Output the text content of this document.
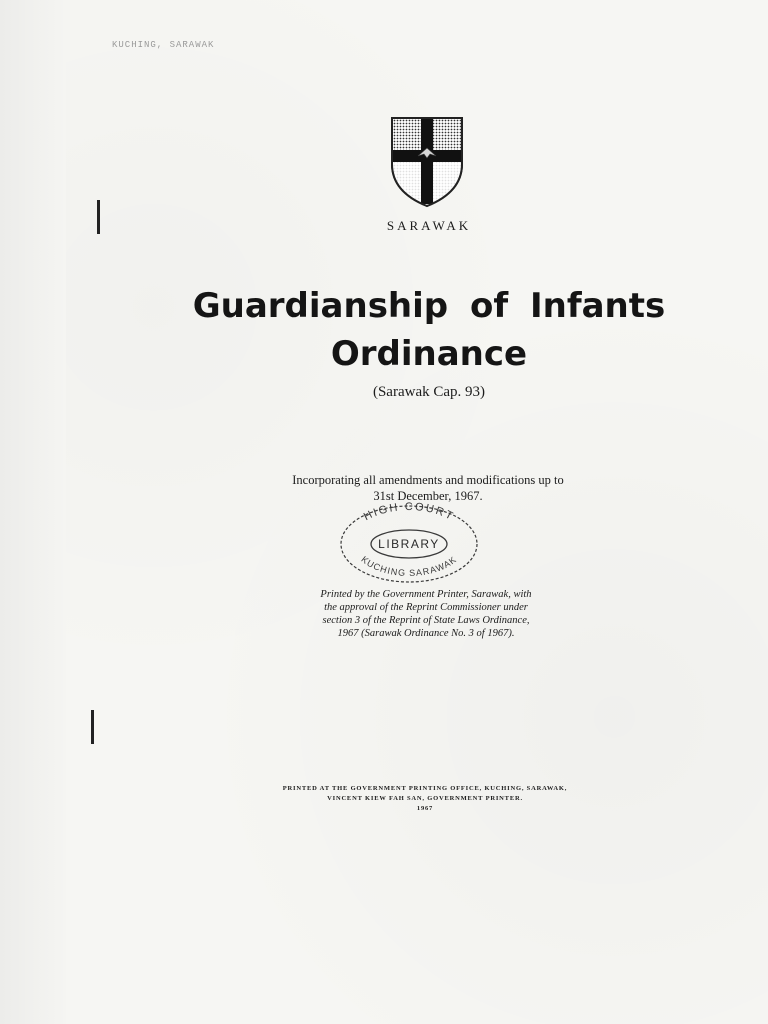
KUCHING, SARAWAK
SARAWAK
Guardianship of Infants
Ordinance
(Sarawak Cap. 93)
Incorporating all amendments and modifications up to
31st December, 1967.
HIGH COURT
LIBRARY
KUCHING SARAWAK
Printed by the Government Printer, Sarawak, with
the approval of the Reprint Commissioner under
section 3 of the Reprint of State Laws Ordinance,
1967 (Sarawak Ordinance No. 3 of 1967).
PRINTED AT THE GOVERNMENT PRINTING OFFICE, KUCHING, SARAWAK,
VINCENT KIEW FAH SAN, GOVERNMENT PRINTER.
1967
